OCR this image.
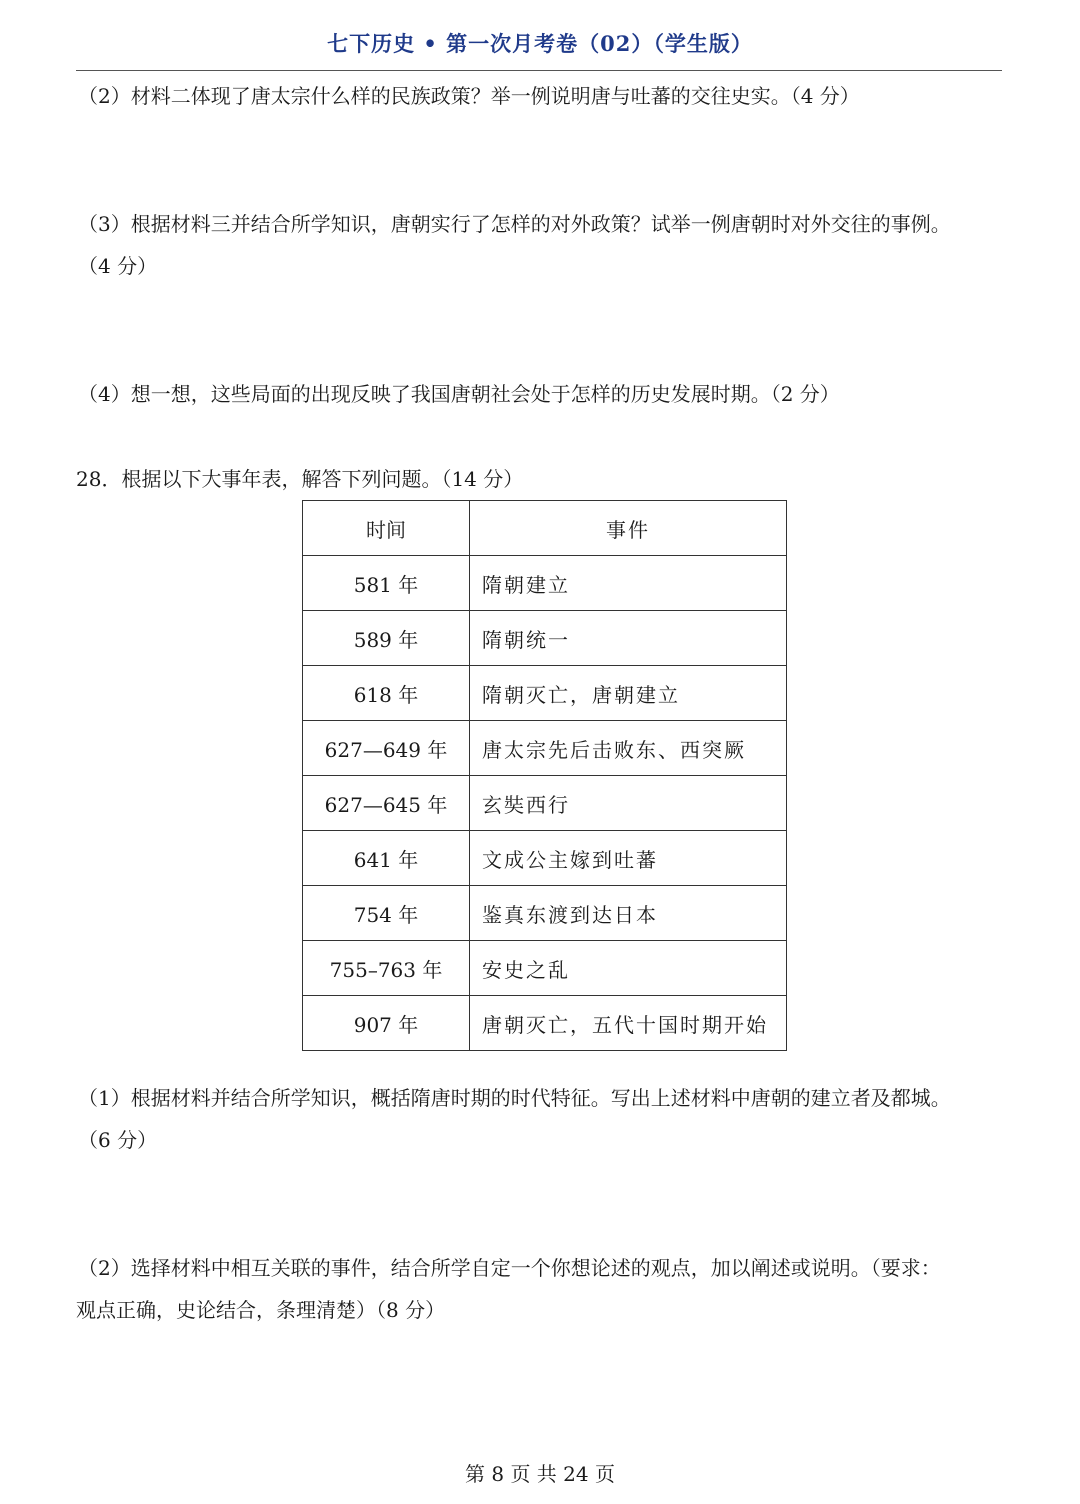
七下历史 • 第一次月考卷（02）（学生版）
（2）材料二体现了唐太宗什么样的民族政策？举一例说明唐与吐蕃的交往史实。（4 分）
（3）根据材料三并结合所学知识，唐朝实行了怎样的对外政策？试举一例唐朝时对外交往的事例。
（4 分）
（4）想一想，这些局面的出现反映了我国唐朝社会处于怎样的历史发展时期。（2 分）
28．根据以下大事年表，解答下列问题。（14 分）
时间	事件
581 年	隋朝建立
589 年	隋朝统一
618 年	隋朝灭亡，唐朝建立
627—649 年	唐太宗先后击败东、西突厥
627—645 年	玄奘西行
641 年	文成公主嫁到吐蕃
754 年	鉴真东渡到达日本
755–763 年	安史之乱
907 年	唐朝灭亡，五代十国时期开始
（1）根据材料并结合所学知识，概括隋唐时期的时代特征。写出上述材料中唐朝的建立者及都城。
（6 分）
（2）选择材料中相互关联的事件，结合所学自定一个你想论述的观点，加以阐述或说明。（要求：
观点正确，史论结合，条理清楚）（8 分）
第 8 页 共 24 页
